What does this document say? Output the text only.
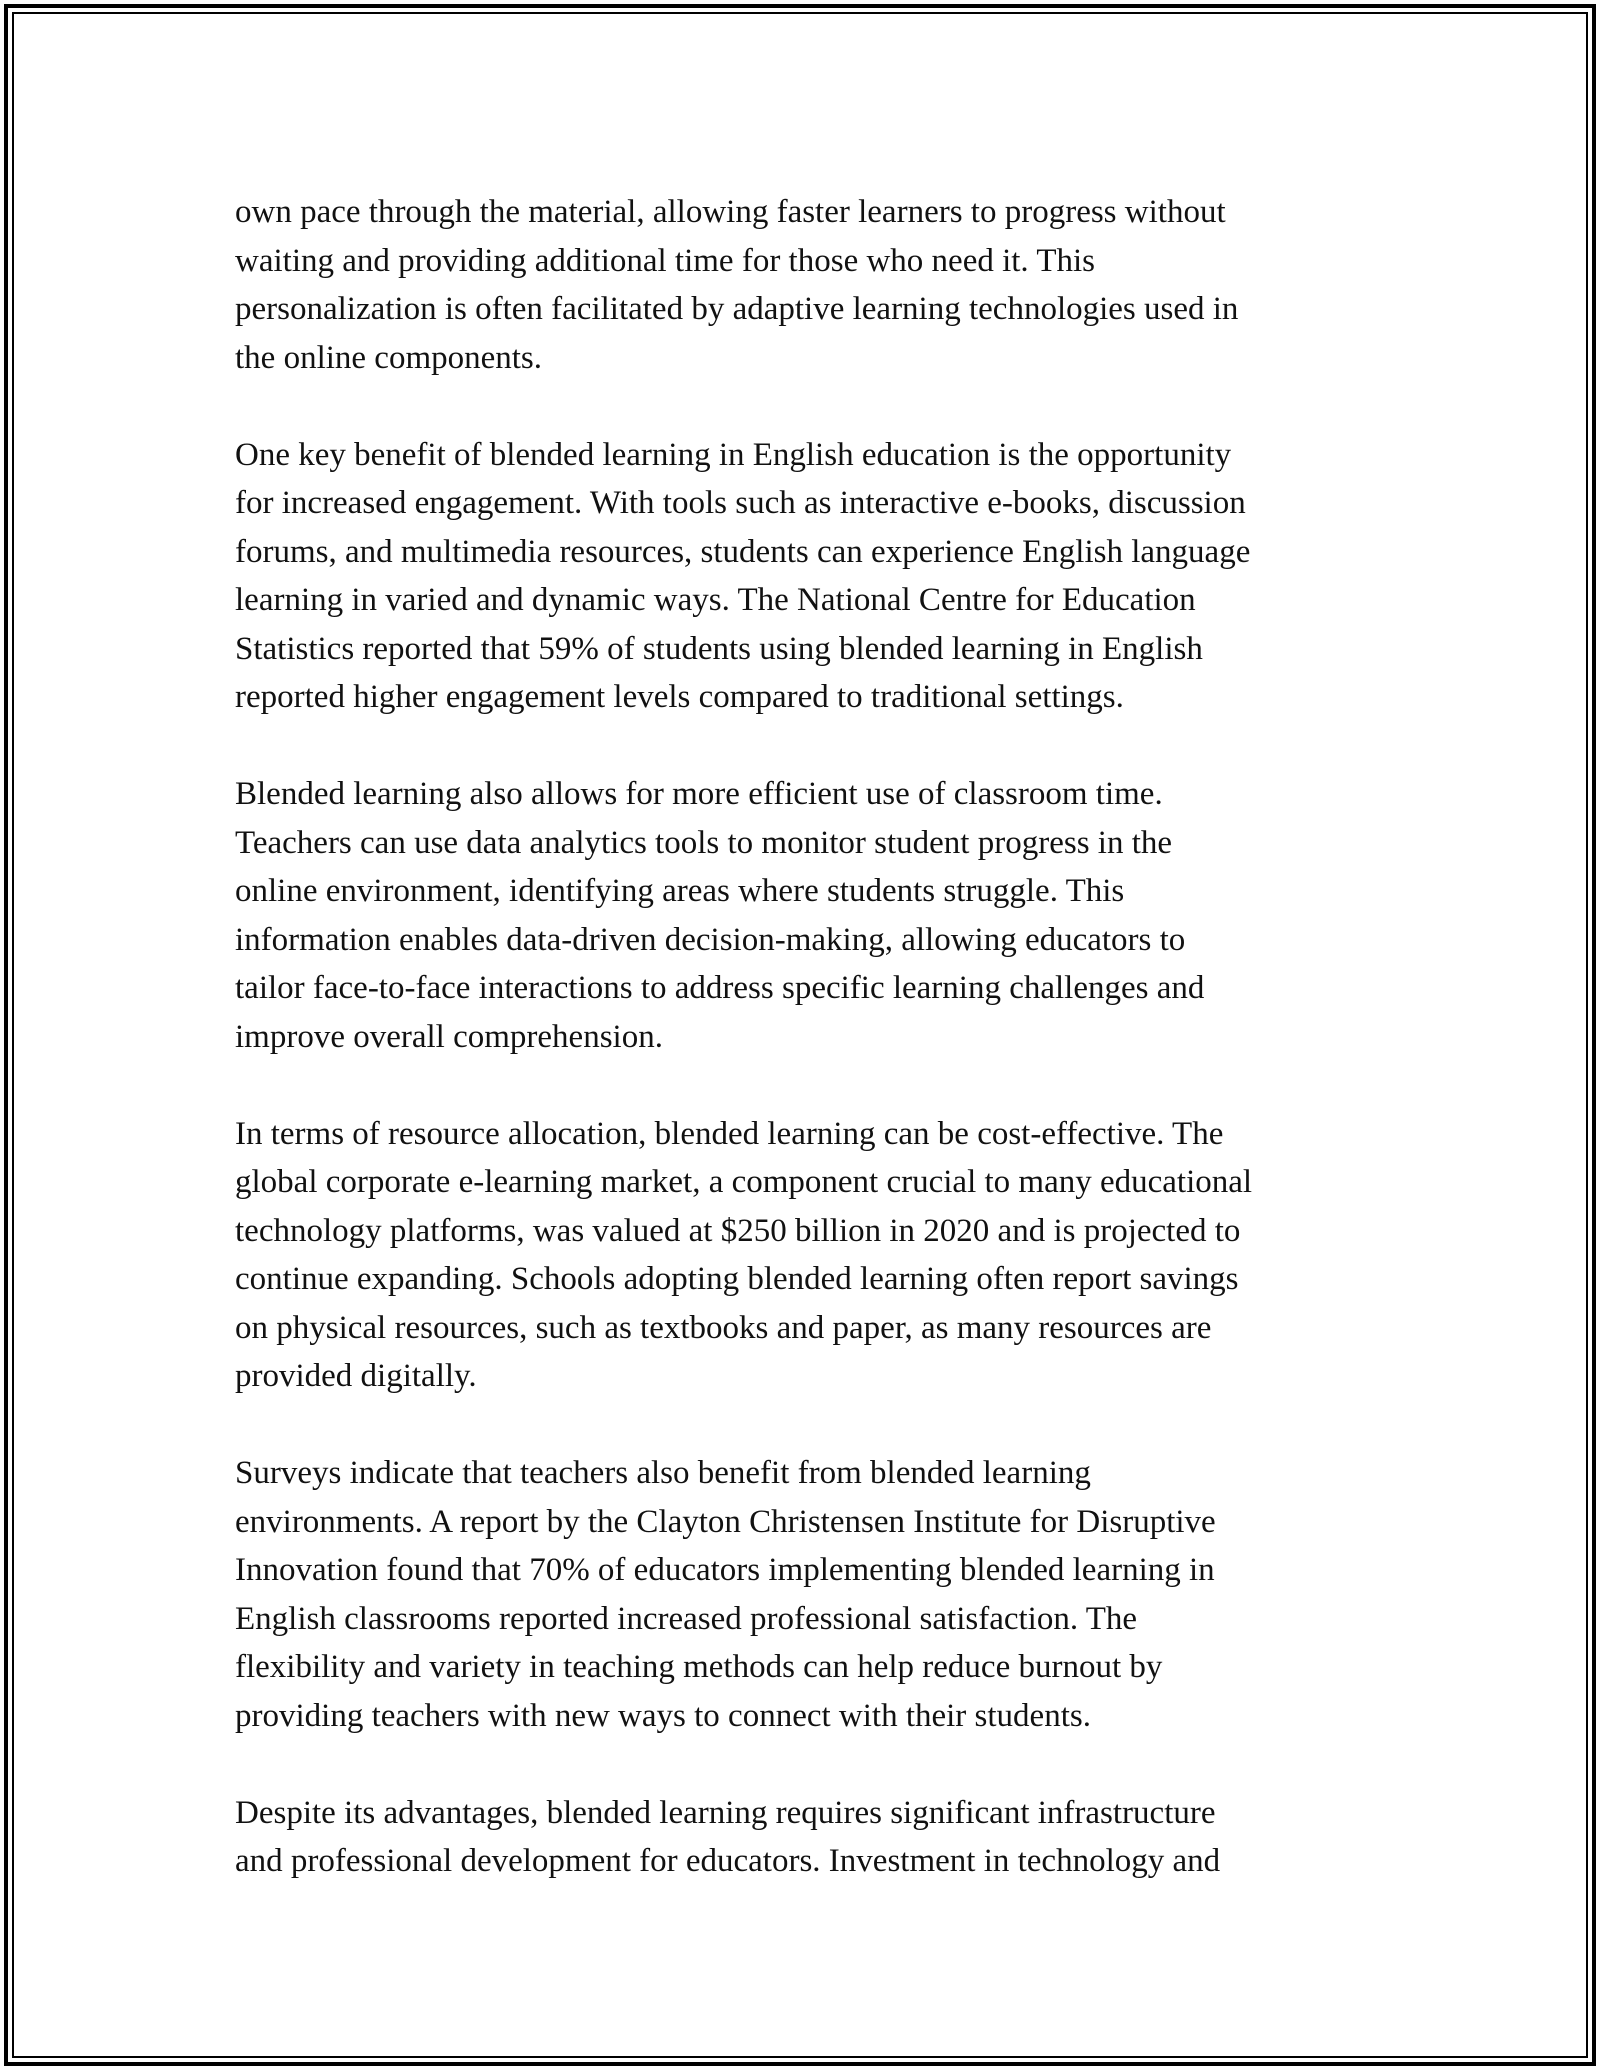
own pace through the material, allowing faster learners to progress without
waiting and providing additional time for those who need it. This
personalization is often facilitated by adaptive learning technologies used in
the online components.

One key benefit of blended learning in English education is the opportunity
for increased engagement. With tools such as interactive e-books, discussion
forums, and multimedia resources, students can experience English language
learning in varied and dynamic ways. The National Centre for Education
Statistics reported that 59% of students using blended learning in English
reported higher engagement levels compared to traditional settings.

Blended learning also allows for more efficient use of classroom time.
Teachers can use data analytics tools to monitor student progress in the
online environment, identifying areas where students struggle. This
information enables data-driven decision-making, allowing educators to
tailor face-to-face interactions to address specific learning challenges and
improve overall comprehension.

In terms of resource allocation, blended learning can be cost-effective. The
global corporate e-learning market, a component crucial to many educational
technology platforms, was valued at $250 billion in 2020 and is projected to
continue expanding. Schools adopting blended learning often report savings
on physical resources, such as textbooks and paper, as many resources are
provided digitally.

Surveys indicate that teachers also benefit from blended learning
environments. A report by the Clayton Christensen Institute for Disruptive
Innovation found that 70% of educators implementing blended learning in
English classrooms reported increased professional satisfaction. The
flexibility and variety in teaching methods can help reduce burnout by
providing teachers with new ways to connect with their students.

Despite its advantages, blended learning requires significant infrastructure
and professional development for educators. Investment in technology and
